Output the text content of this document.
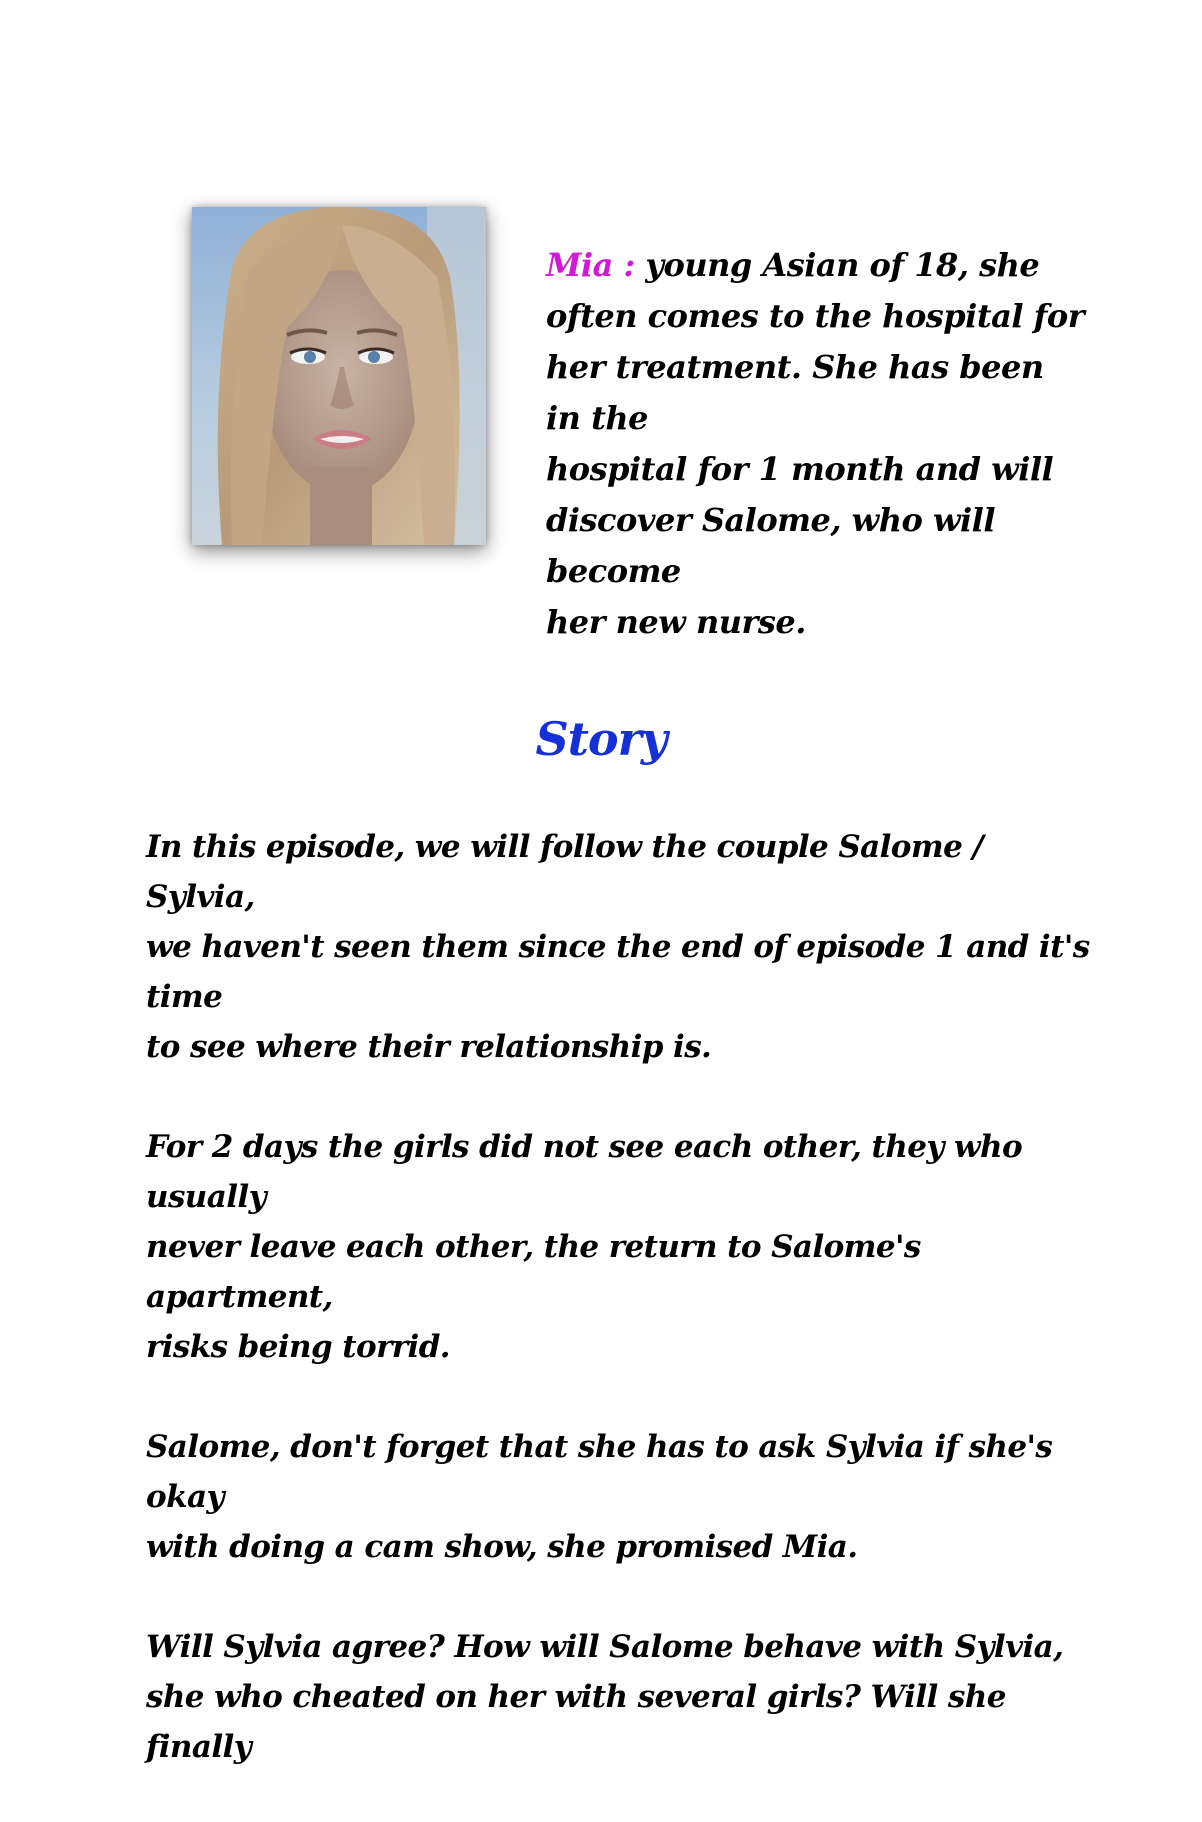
Mia : young Asian of 18, she
often comes to the hospital for
her treatment. She has been in the
hospital for 1 month and will
discover Salome, who will become
her new nurse.
Story

In this episode, we will follow the couple Salome / Sylvia,
we haven't seen them since the end of episode 1 and it's time
to see where their relationship is.

For 2 days the girls did not see each other, they who usually
never leave each other, the return to Salome's apartment,
risks being torrid.

Salome, don't forget that she has to ask Sylvia if she's okay
with doing a cam show, she promised Mia.

Will Sylvia agree? How will Salome behave with Sylvia,
she who cheated on her with several girls? Will she finally
